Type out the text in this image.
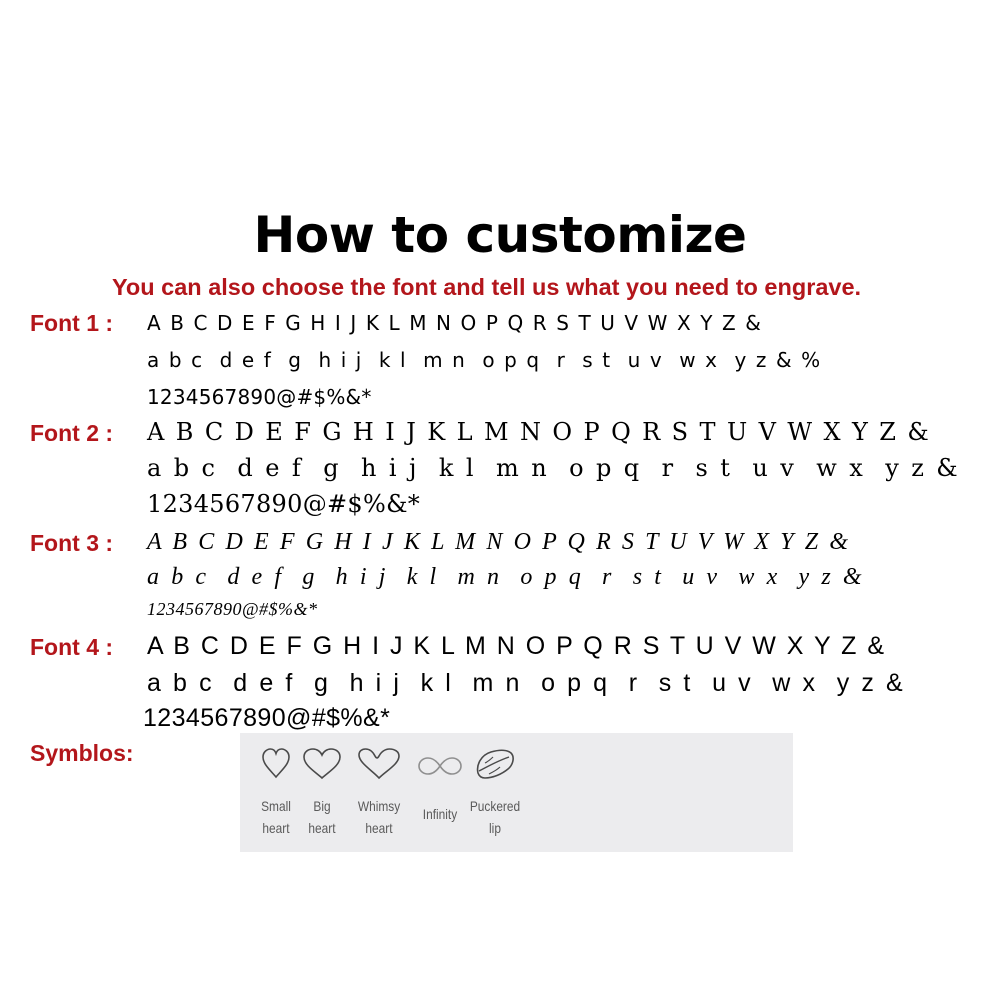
How to customize

You can also choose the font and tell us what you need to engrave.

Font 1 : A B C D E F G H I J K L M N O P Q R S T U V W X Y Z &
a b c  d e f  g  h i j  k l  m n  o p q  r  s t  u v  w x  y z & %
1234567890@#$%&*
Font 2 : A B C D E F G H I J K L M N O P Q R S T U V W X Y Z &
a b c  d e f  g  h i j  k l  m n  o p q  r  s t  u v  w x  y z &
1234567890@#$%&*
Font 3 : A B C D E F G H I J K L M N O P Q R S T U V W X Y Z &
a b c  d e f  g  h i j  k l  m n  o p q  r  s t  u v  w x  y z &
1234567890@#$%&*
Font 4 : A B C D E F G H I J K L M N O P Q R S T U V W X Y Z &
a b c  d e f  g  h i j  k l  m n  o p q  r  s t  u v  w x  y z &
1234567890@#$%&*
Symblos:
Small
heart
Big
heart
Whimsy
heart
Infinity Puckered
lip
